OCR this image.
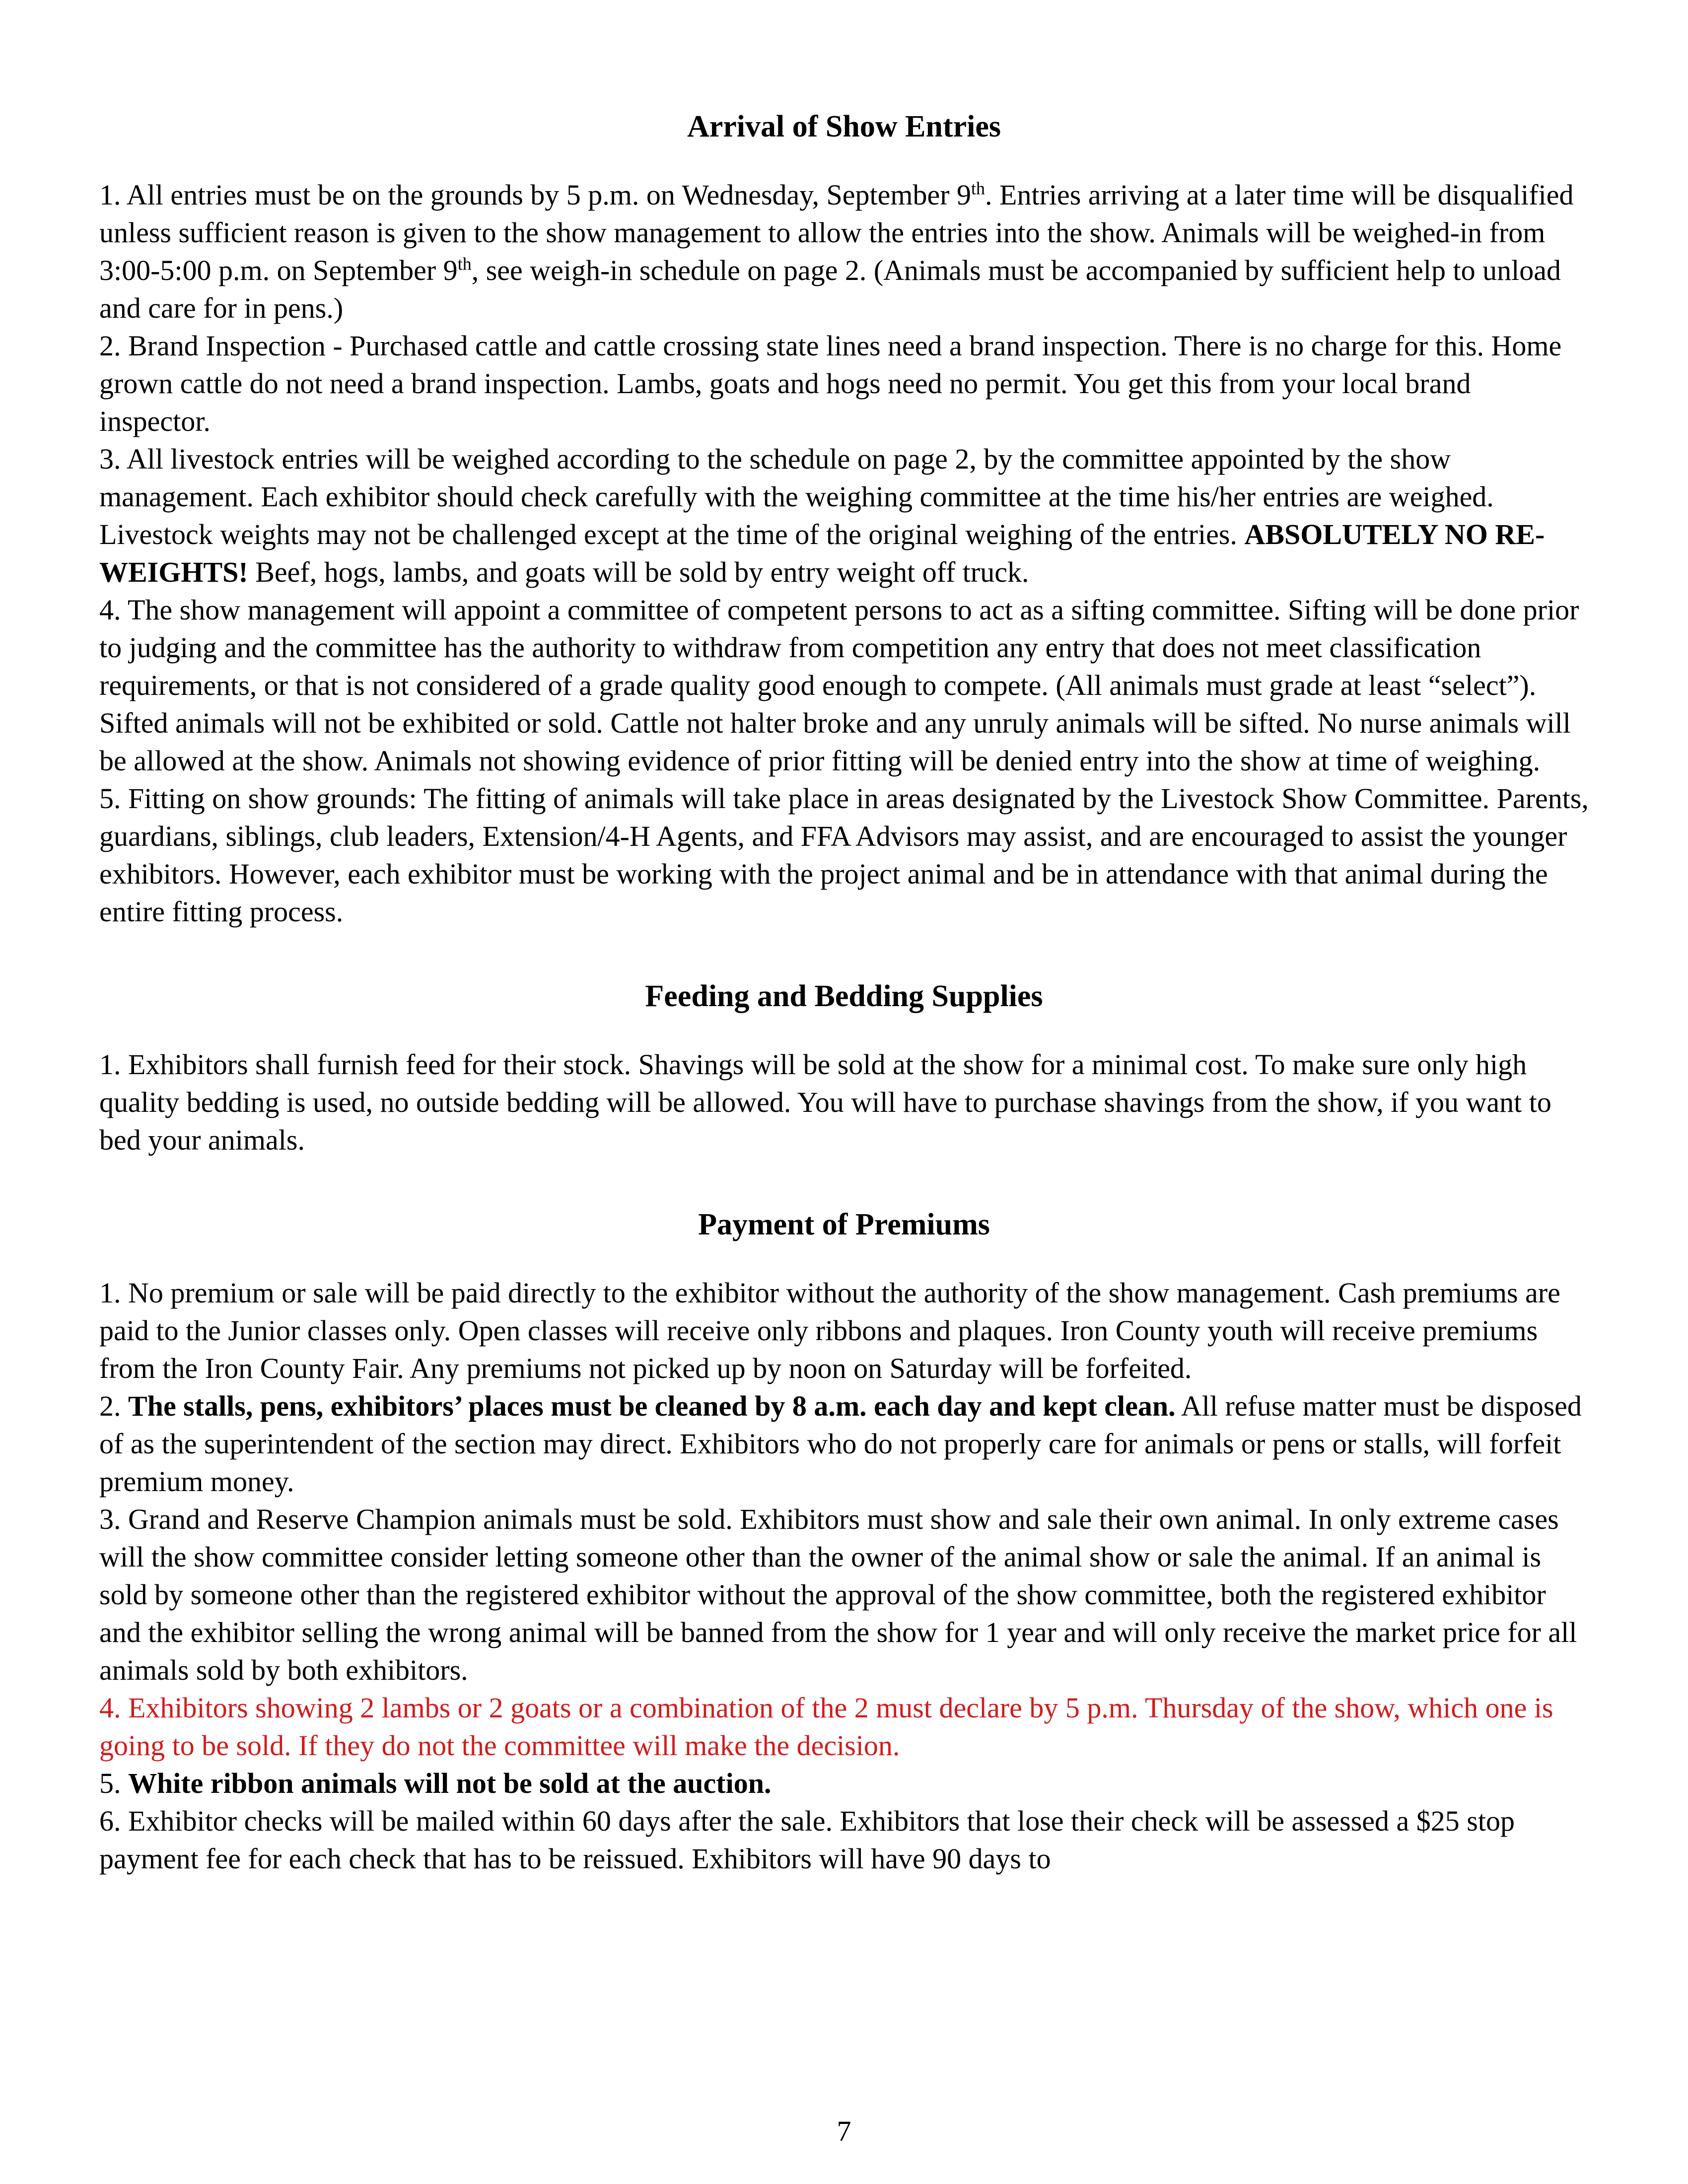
Arrival of Show Entries

1. All entries must be on the grounds by 5 p.m. on Wednesday, September 9th. Entries arriving at a later time will be disqualified unless sufficient reason is given to the show management to allow the entries into the show. Animals will be weighed-in from 3:00-5:00 p.m. on September 9th, see weigh-in schedule on page 2. (Animals must be accompanied by sufficient help to unload and care for in pens.)

2. Brand Inspection - Purchased cattle and cattle crossing state lines need a brand inspection. There is no charge for this. Home grown cattle do not need a brand inspection. Lambs, goats and hogs need no permit. You get this from your local brand inspector.

3. All livestock entries will be weighed according to the schedule on page 2, by the committee appointed by the show management. Each exhibitor should check carefully with the weighing committee at the time his/her entries are weighed. Livestock weights may not be challenged except at the time of the original weighing of the entries. ABSOLUTELY NO RE-WEIGHTS! Beef, hogs, lambs, and goats will be sold by entry weight off truck.

4. The show management will appoint a committee of competent persons to act as a sifting committee. Sifting will be done prior to judging and the committee has the authority to withdraw from competition any entry that does not meet classification requirements, or that is not considered of a grade quality good enough to compete. (All animals must grade at least “select”). Sifted animals will not be exhibited or sold. Cattle not halter broke and any unruly animals will be sifted. No nurse animals will be allowed at the show. Animals not showing evidence of prior fitting will be denied entry into the show at time of weighing.

5. Fitting on show grounds: The fitting of animals will take place in areas designated by the Livestock Show Committee. Parents, guardians, siblings, club leaders, Extension/4-H Agents, and FFA Advisors may assist, and are encouraged to assist the younger exhibitors. However, each exhibitor must be working with the project animal and be in attendance with that animal during the entire fitting process.

Feeding and Bedding Supplies

1. Exhibitors shall furnish feed for their stock. Shavings will be sold at the show for a minimal cost. To make sure only high quality bedding is used, no outside bedding will be allowed. You will have to purchase shavings from the show, if you want to bed your animals.

Payment of Premiums

1. No premium or sale will be paid directly to the exhibitor without the authority of the show management. Cash premiums are paid to the Junior classes only. Open classes will receive only ribbons and plaques. Iron County youth will receive premiums from the Iron County Fair. Any premiums not picked up by noon on Saturday will be forfeited.

2. The stalls, pens, exhibitors’ places must be cleaned by 8 a.m. each day and kept clean. All refuse matter must be disposed of as the superintendent of the section may direct. Exhibitors who do not properly care for animals or pens or stalls, will forfeit premium money.

3. Grand and Reserve Champion animals must be sold. Exhibitors must show and sale their own animal. In only extreme cases will the show committee consider letting someone other than the owner of the animal show or sale the animal. If an animal is sold by someone other than the registered exhibitor without the approval of the show committee, both the registered exhibitor and the exhibitor selling the wrong animal will be banned from the show for 1 year and will only receive the market price for all animals sold by both exhibitors.

4. Exhibitors showing 2 lambs or 2 goats or a combination of the 2 must declare by 5 p.m. Thursday of the show, which one is going to be sold. If they do not the committee will make the decision.

5. White ribbon animals will not be sold at the auction.

6. Exhibitor checks will be mailed within 60 days after the sale. Exhibitors that lose their check will be assessed a $25 stop payment fee for each check that has to be reissued. Exhibitors will have 90 days to

7
